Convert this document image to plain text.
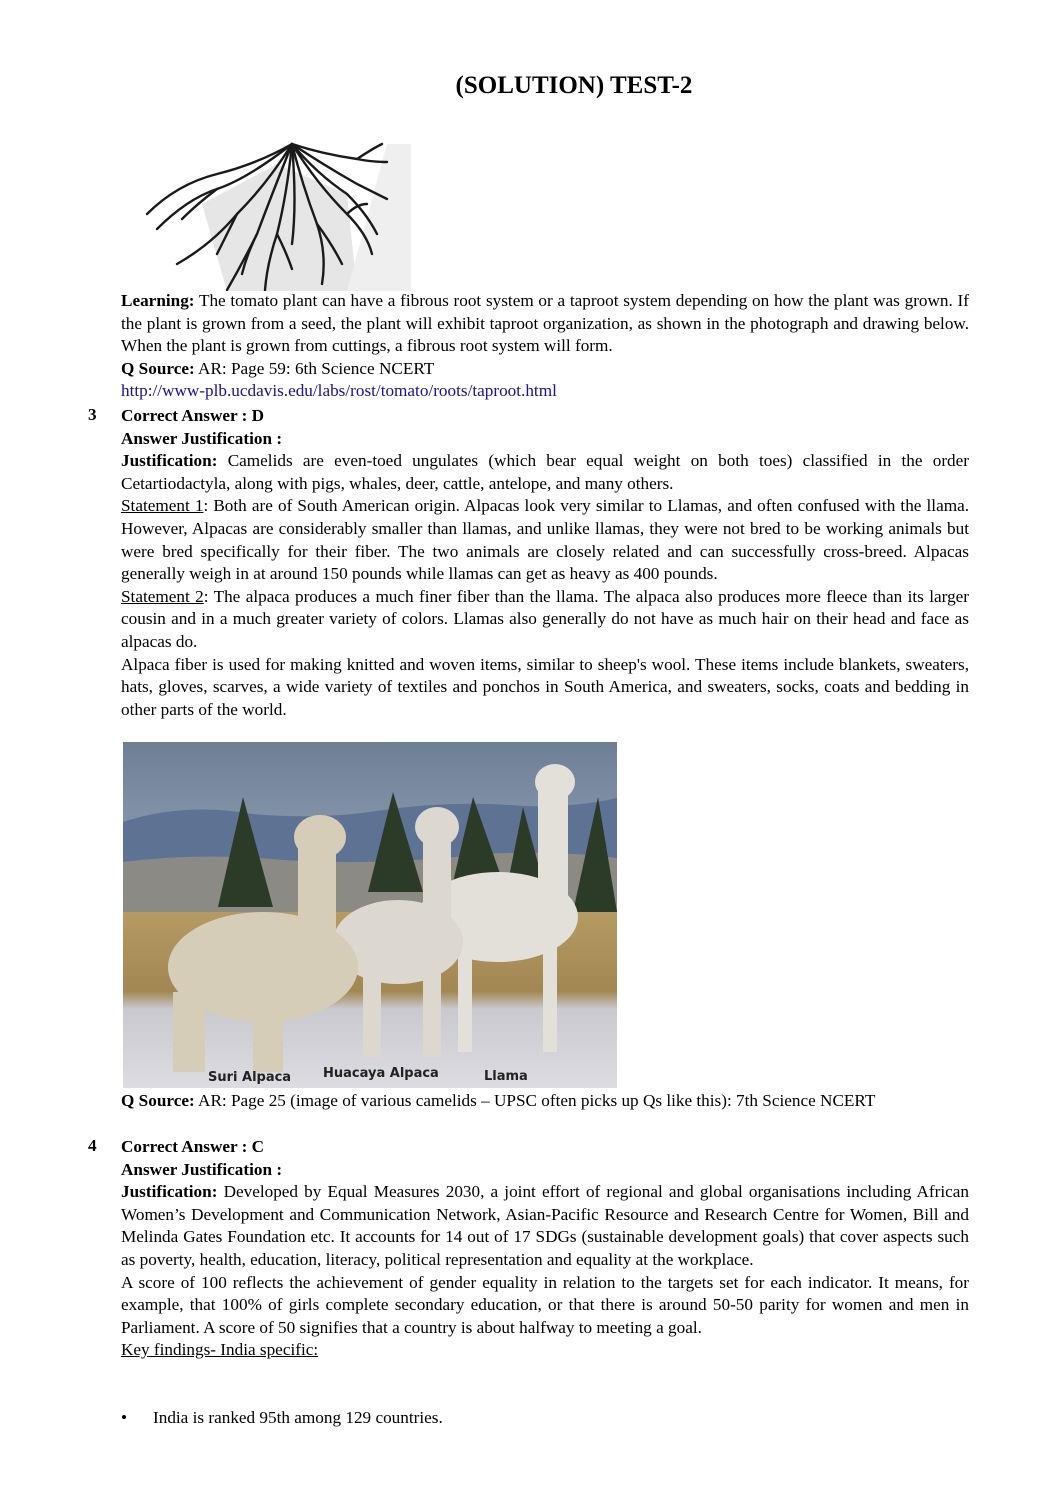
(SOLUTION) TEST-2

Learning: The tomato plant can have a fibrous root system or a taproot system depending on how the plant was grown. If the plant is grown from a seed, the plant will exhibit taproot organization, as shown in the photograph and drawing below. When the plant is grown from cuttings, a fibrous root system will form.

Q Source: AR: Page 59: 6th Science NCERT

http://www-plb.ucdavis.edu/labs/rost/tomato/roots/taproot.html

3 Correct Answer : D

Answer Justification :

Justification: Camelids are even-toed ungulates (which bear equal weight on both toes) classified in the order Cetartiodactyla, along with pigs, whales, deer, cattle, antelope, and many others.

Statement 1: Both are of South American origin. Alpacas look very similar to Llamas, and often confused with the llama. However, Alpacas are considerably smaller than llamas, and unlike llamas, they were not bred to be working animals but were bred specifically for their fiber. The two animals are closely related and can successfully cross-breed. Alpacas generally weigh in at around 150 pounds while llamas can get as heavy as 400 pounds.

Statement 2: The alpaca produces a much finer fiber than the llama. The alpaca also produces more fleece than its larger cousin and in a much greater variety of colors. Llamas also generally do not have as much hair on their head and face as alpacas do.

Alpaca fiber is used for making knitted and woven items, similar to sheep's wool. These items include blankets, sweaters, hats, gloves, scarves, a wide variety of textiles and ponchos in South America, and sweaters, socks, coats and bedding in other parts of the world.

Suri Alpaca Huacaya Alpaca	Llama

Q Source: AR: Page 25 (image of various camelids – UPSC often picks up Qs like this): 7th Science NCERT

4 Correct Answer : C

Answer Justification :

Justification: Developed by Equal Measures 2030, a joint effort of regional and global organisations including African Women’s Development and Communication Network, Asian-Pacific Resource and Research Centre for Women, Bill and Melinda Gates Foundation etc. It accounts for 14 out of 17 SDGs (sustainable development goals) that cover aspects such as poverty, health, education, literacy, political representation and equality at the workplace.

A score of 100 reflects the achievement of gender equality in relation to the targets set for each indicator. It means, for example, that 100% of girls complete secondary education, or that there is around 50-50 parity for women and men in Parliament. A score of 50 signifies that a country is about halfway to meeting a goal.

Key findings- India specific:

• India is ranked 95th among 129 countries.
